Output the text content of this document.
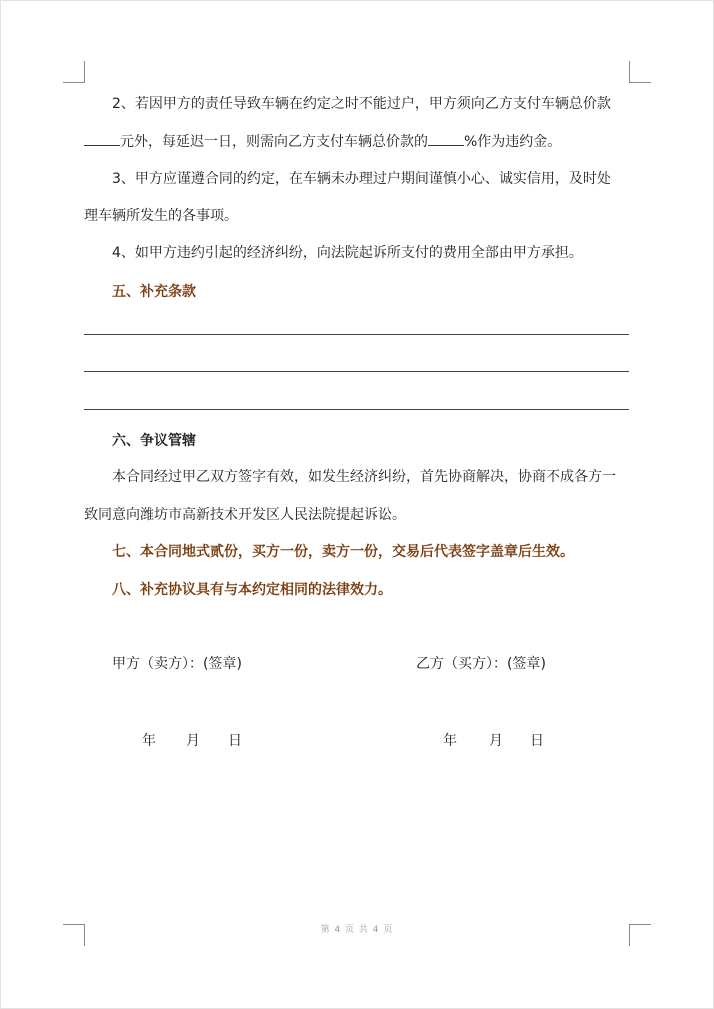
2、若因甲方的责任导致车辆在约定之时不能过户，甲方须向乙方支付车辆总价款
元外，每延迟一日，则需向乙方支付车辆总价款的	%作为违约金。
3、甲方应谨遵合同的约定，在车辆未办理过户期间谨慎小心、诚实信用，及时处
理车辆所发生的各事项。
4、如甲方违约引起的经济纠纷，向法院起诉所支付的费用全部由甲方承担。
五、补充条款
六、争议管辖
本合同经过甲乙双方签字有效，如发生经济纠纷，首先协商解决，协商不成各方一
致同意向潍坊市高新技术开发区人民法院提起诉讼。
七、本合同地式贰份，买方一份，卖方一份，交易后代表签字盖章后生效。
八、补充协议具有与本约定相同的法律效力。
甲方（卖方）：(签章)	乙方（买方）：(签章)
年 月 日	年 月 日
第 4 页 共 4 页
